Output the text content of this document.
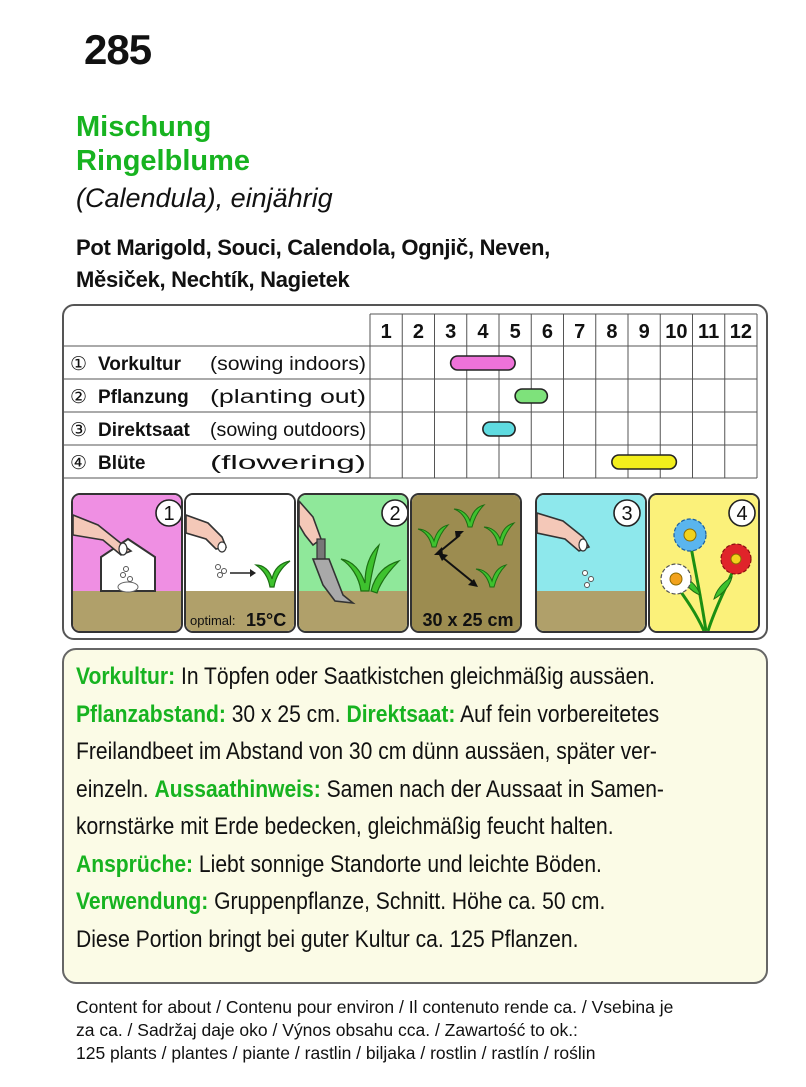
285
Mischung
Ringelblume
(Calendula), einjährig
Pot Marigold, Souci, Calendola, Ognjič, Neven,
Měsiček, Nechtík, Nagietek
1 2 3 4 5 6 7 8 9 10 11 12
① Vorkultur (sowing indoors)
② Pflanzung (planting out)
③ Direktsaat (sowing outdoors)
④ Blüte	(flowering)
1
optimal: 15°C
2
30 x 25 cm
3	4
Vorkultur: In Töpfen oder Saatkistchen gleichmäßig aussäen.
Pflanzabstand: 30 x 25 cm. Direktsaat: Auf fein vorbereitetes
Freilandbeet im Abstand von 30 cm dünn aussäen, später ver-
einzeln. Aussaathinweis: Samen nach der Aussaat in Samen-
kornstärke mit Erde bedecken, gleichmäßig feucht halten.
Ansprüche: Liebt sonnige Standorte und leichte Böden.
Verwendung: Gruppenpflanze, Schnitt. Höhe ca. 50 cm.
Diese Portion bringt bei guter Kultur ca. 125 Pflanzen.
Content for about / Contenu pour environ / Il contenuto rende ca. / Vsebina je
za ca. / Sadržaj daje oko / Výnos obsahu cca. / Zawartość to ok.:
125 plants / plantes / piante / rastlin / biljaka / rostlin / rastlín / roślin
